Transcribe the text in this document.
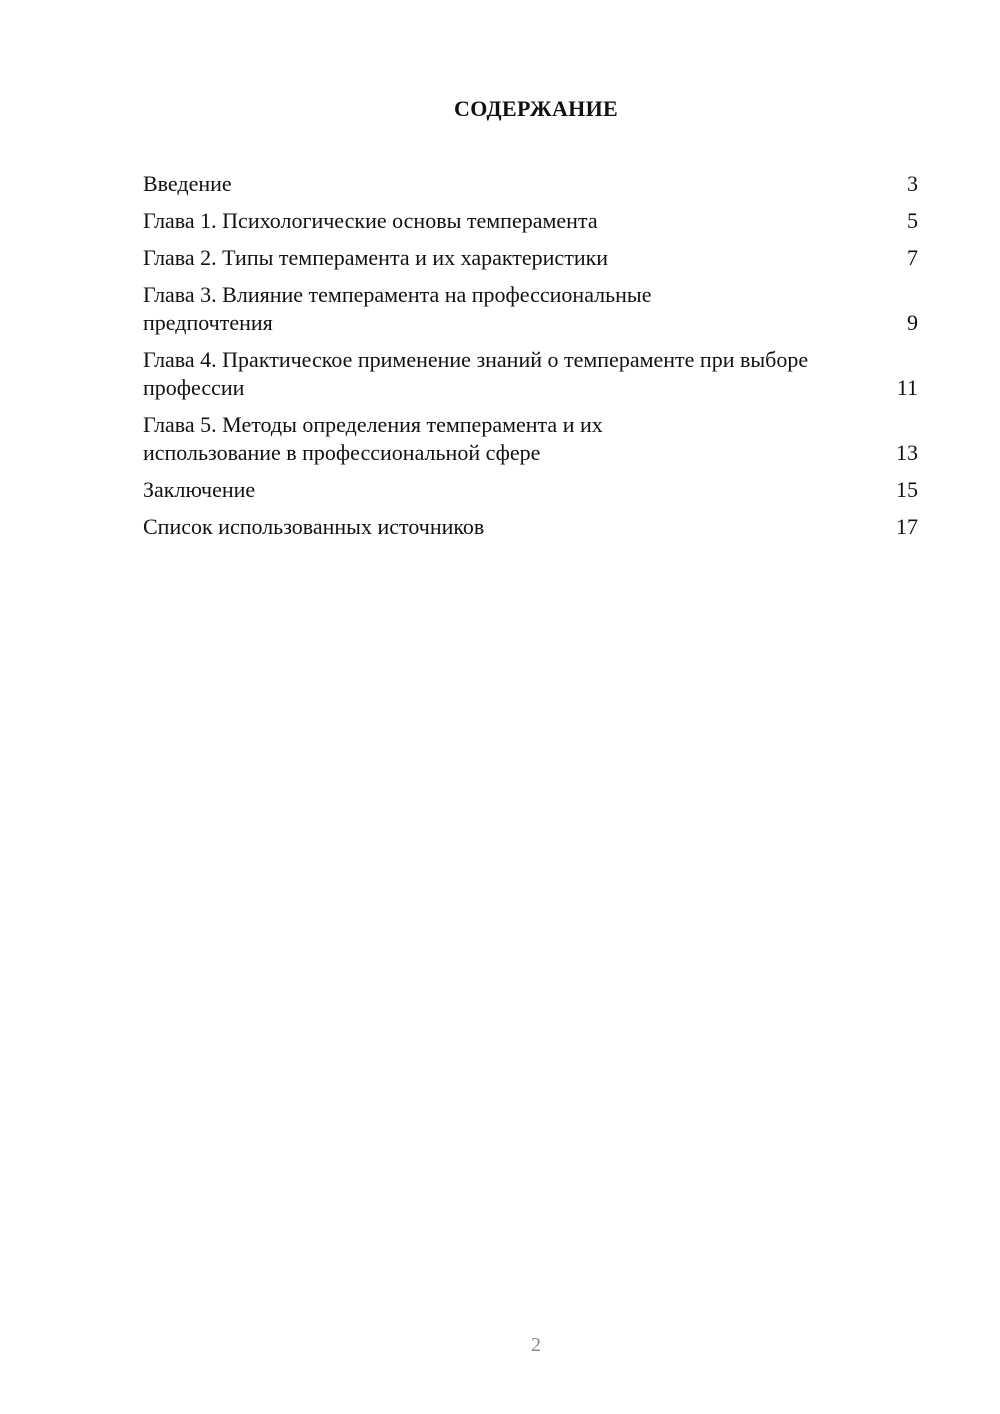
СОДЕРЖАНИЕ
Введение	3
Глава 1. Психологические основы темперамента	5
Глава 2. Типы темперамента и их характеристики	7
Глава 3. Влияние темперамента на профессиональные предпочтения	9
Глава 4. Практическое применение знаний о темпераменте при выборе профессии	11
Глава 5. Методы определения темперамента и их использование в профессиональной сфере	13
Заключение	15
Список использованных источников	17
2
